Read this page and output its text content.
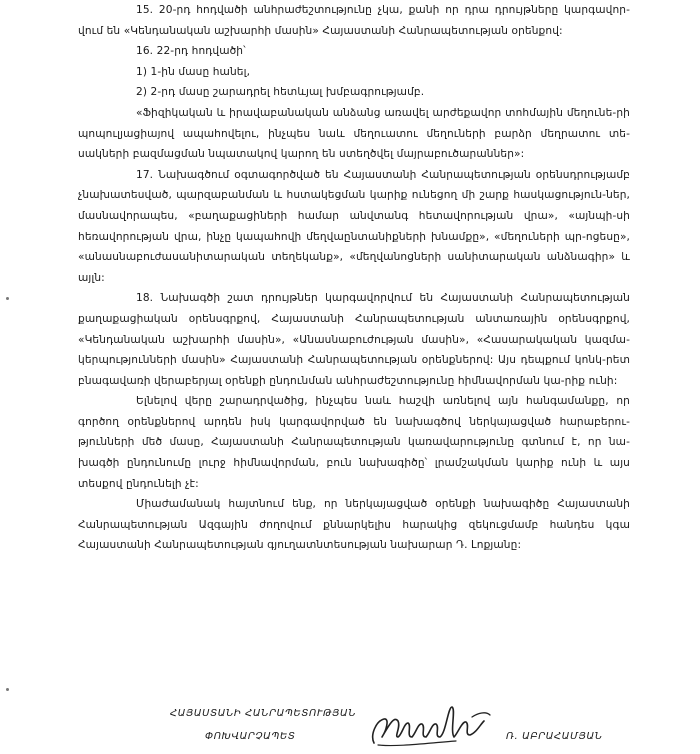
15. 20-րդ հոդվածի անհրաժեշտությունը չկա, քանի որ դրա դրույթները կարգավոր-վում են «Կենդանական աշխարհի մասին» Հայաստանի Հանրապետության օրենքով:

16. 22-րդ հոդվածի՝

1) 1-ին մասը հանել,

2) 2-րդ մասը շարադրել հետևյալ խմբագրությամբ.

«Ֆիզիկական և իրավաբանական անձանց առավել արժեքավոր տոհմային մեղունե-րի պոպուլյացիայով ապահովելու, ինչպես նաև մեղուատու մեղուների բարձր մեղրատու տե-սակների բազմացման նպատակով կարող են ստեղծվել մայրաբուծարաններ»:

17. Նախագծում օգտագործված են Հայաստանի Հանրապետության օրենսդրությամբ չնախատեսված, պարզաբանման և հստակեցման կարիք ունեցող մի շարք հասկացություն-ներ, մասնավորապես, «բաղաքացիների համար անվտանգ հետավորության վրա», «այնպի-սի հեռավորության վրա, ինչը կապահովի մեղվաընտանիքների խնամքը», «մեղուների պր-ոցեսը», «անասնաբուժասանիտարական տեղեկանք», «մեղվանոցների սանիտարական անձնագիր» և այլն:

18. Նախագծի շատ դրույթներ կարգավորվում են Հայաստանի Հանրապետության քաղաքացիական օրենսգրքով, Հայաստանի Հանրապետության անտառային օրենսգրքով, «Կենդանական աշխարհի մասին», «Անասնաբուժության մասին», «Հասարակական կազմա-կերպությունների մասին» Հայաստանի Հանրապետության օրենքներով: Այս դեպքում կոնկ-րետ բնագավառի վերաբերյալ օրենքի ընդունման անհրաժեշտությունը հիմնավորման կա-րիք ունի:

Ելնելով վերը շարադրվածից, ինչպես նաև հաշվի առնելով այն հանգամանքը, որ գործող օրենքներով արդեն իսկ կարգավորված են նախագծով ներկայացված հարաբերու-թյունների մեծ մասը, Հայաստանի Հանրապետության կառավարությունը գտնում է, որ նա-խագծի ընդունումը լուրջ հիմնավորման, բուն նախագիծը՝ լրամշակման կարիք ունի և այս տեսքով ընդունելի չէ:

Միաժամանակ հայտնում ենք, որ ներկայացված օրենքի նախագիծը Հայաստանի Հանրապետության Ազգային ժողովում քննարկելիս հարակից զեկուցմամբ հանդես կգա Հայաստանի Հանրապետության գյուղատնտեսության նախարար Դ. Լոքյանը:

ՀԱՅԱՍՏԱՆԻ ՀԱՆՐԱՊԵՏՈՒԹՅԱՆ
ՓՈԽՎԱՐՉԱՊԵՏ	Ռ. ԱԲՐԱՀԱՄՅԱՆ
